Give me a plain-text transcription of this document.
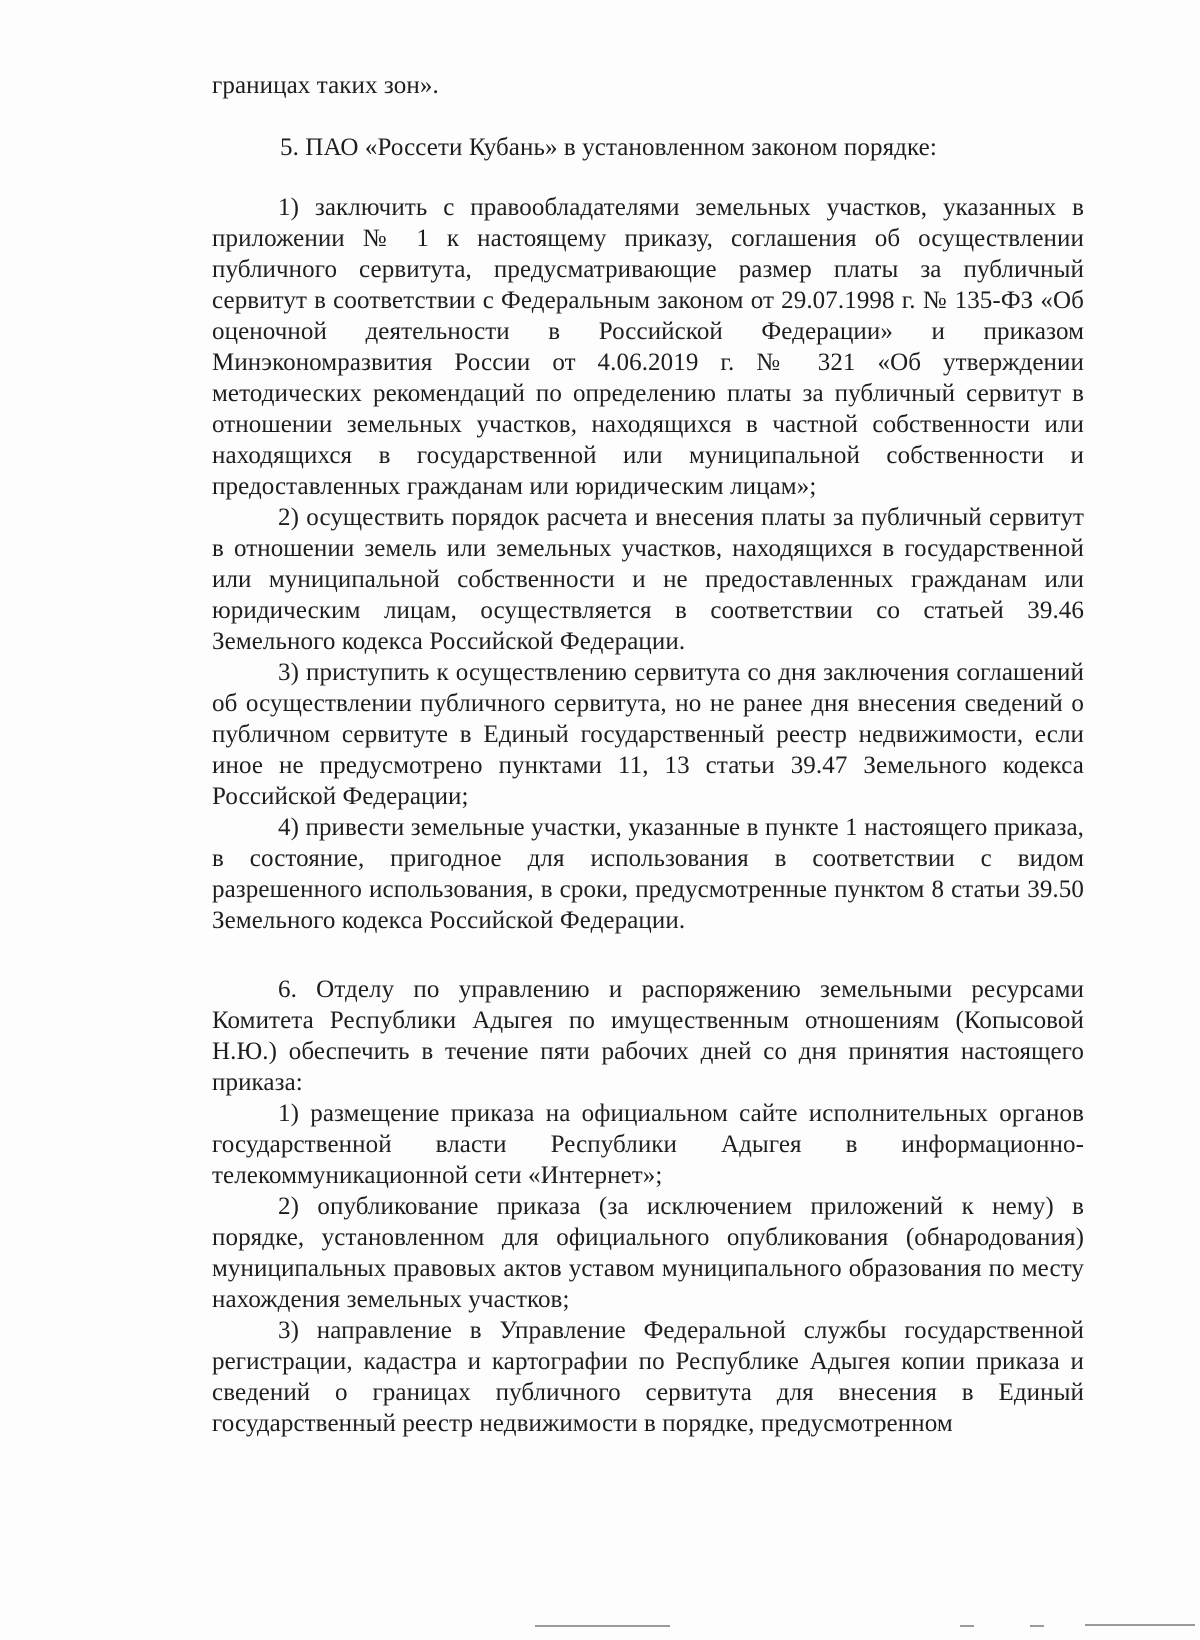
границах таких зон».

5. ПАО «Россети Кубань» в установленном законом порядке:

1) заключить с правообладателями земельных участков, указанных в приложении № 1 к настоящему приказу, соглашения об осуществлении публичного сервитута, предусматривающие размер платы за публичный сервитут в соответствии с Федеральным законом от 29.07.1998 г. № 135-ФЗ «Об оценочной деятельности в Российской Федерации» и приказом Минэкономразвития России от 4.06.2019 г. № 321 «Об утверждении методических рекомендаций по определению платы за публичный сервитут в отношении земельных участков, находящихся в частной собственности или находящихся в государственной или муниципальной собственности и предоставленных гражданам или юридическим лицам»;

2) осуществить порядок расчета и внесения платы за публичный сервитут в отношении земель или земельных участков, находящихся в государственной или муниципальной собственности и не предоставленных гражданам или юридическим лицам, осуществляется в соответствии со статьей 39.46 Земельного кодекса Российской Федерации.

3) приступить к осуществлению сервитута со дня заключения соглашений об осуществлении публичного сервитута, но не ранее дня внесения сведений о публичном сервитуте в Единый государственный реестр недвижимости, если иное не предусмотрено пунктами 11, 13 статьи 39.47 Земельного кодекса Российской Федерации;

4) привести земельные участки, указанные в пункте 1 настоящего приказа, в состояние, пригодное для использования в соответствии с видом разрешенного использования, в сроки, предусмотренные пунктом 8 статьи 39.50 Земельного кодекса Российской Федерации.

6. Отделу по управлению и распоряжению земельными ресурсами Комитета Республики Адыгея по имущественным отношениям (Копысовой Н.Ю.) обеспечить в течение пяти рабочих дней со дня принятия настоящего приказа:

1) размещение приказа на официальном сайте исполнительных органов государственной власти Республики Адыгея в информационно-телекоммуникационной сети «Интернет»;

2) опубликование приказа (за исключением приложений к нему) в порядке, установленном для официального опубликования (обнародования) муниципальных правовых актов уставом муниципального образования по месту нахождения земельных участков;

3) направление в Управление Федеральной службы государственной регистрации, кадастра и картографии по Республике Адыгея копии приказа и сведений о границах публичного сервитута для внесения в Единый государственный реестр недвижимости в порядке, предусмотренном
